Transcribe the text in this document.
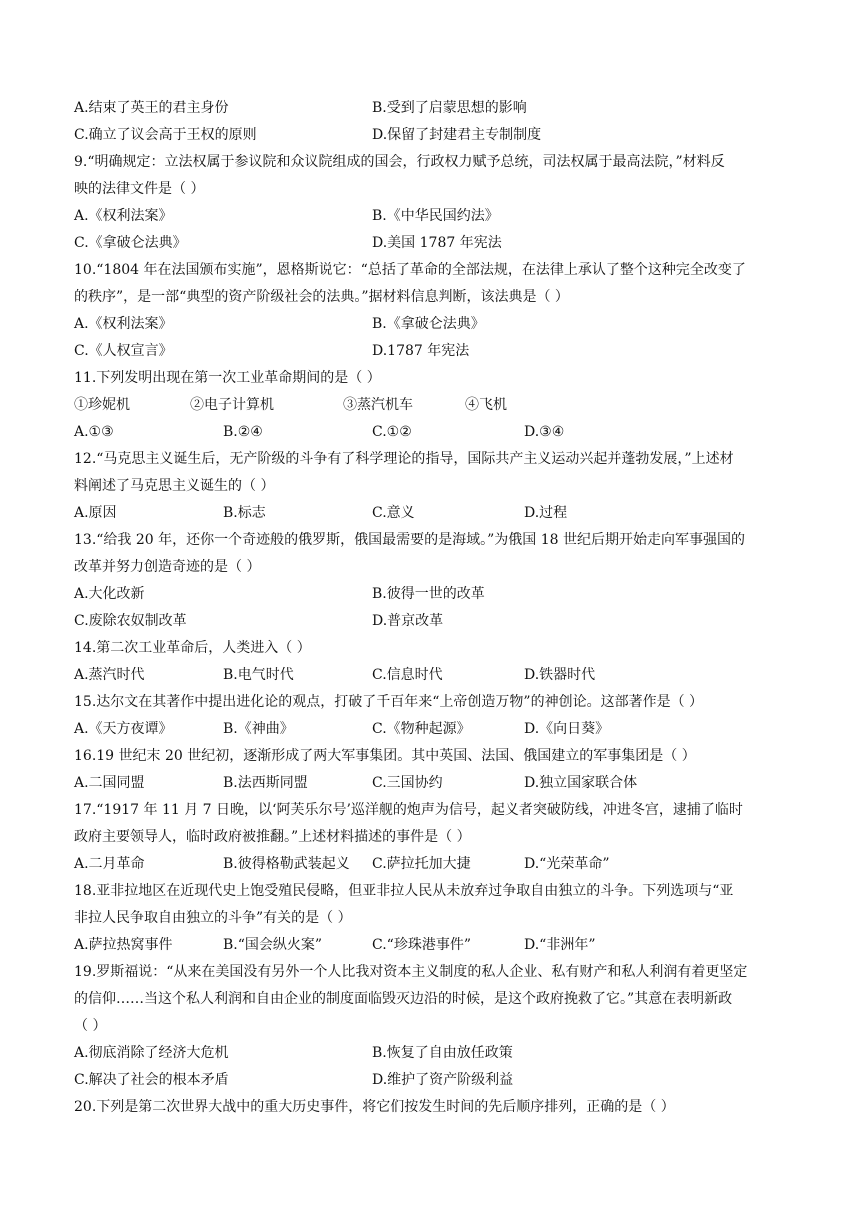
A.结束了英王的君主身份	B.受到了启蒙思想的影响
C.确立了议会高于王权的原则	D.保留了封建君主专制制度
9.“明确规定：立法权属于参议院和众议院组成的国会，行政权力赋予总统，司法权属于最高法院，”材料反
映的法律文件是（ ）
A.《权利法案》	B.《中华民国约法》
C.《拿破仑法典》	D.美国 1787 年宪法
10.“1804 年在法国颁布实施”，恩格斯说它：“总括了革命的全部法规，在法律上承认了整个这种完全改变了
的秩序”，是一部“典型的资产阶级社会的法典。”据材料信息判断，该法典是（ ）
A.《权利法案》	B.《拿破仑法典》
C.《人权宣言》	D.1787 年宪法
11.下列发明出现在第一次工业革命期间的是（ ）
①珍妮机	②电子计算机	③蒸汽机车	④飞机
A.①③	B.②④	C.①②	D.③④
12.“马克思主义诞生后，无产阶级的斗争有了科学理论的指导，国际共产主义运动兴起并蓬勃发展，”上述材
料阐述了马克思主义诞生的（ ）
A.原因	B.标志	C.意义	D.过程
13.“给我 20 年，还你一个奇迹般的俄罗斯，俄国最需要的是海域。”为俄国 18 世纪后期开始走向军事强国的
改革并努力创造奇迹的是（ ）
A.大化改新	B.彼得一世的改革
C.废除农奴制改革	D.普京改革
14.第二次工业革命后，人类进入（ ）
A.蒸汽时代	B.电气时代	C.信息时代	D.铁器时代
15.达尔文在其著作中提出进化论的观点，打破了千百年来“上帝创造万物”的神创论。这部著作是（ ）
A.《天方夜谭》	B.《神曲》	C.《物种起源》	D.《向日葵》
16.19 世纪末 20 世纪初，逐渐形成了两大军事集团。其中英国、法国、俄国建立的军事集团是（ ）
A.二国同盟	B.法西斯同盟	C.三国协约	D.独立国家联合体
17.“1917 年 11 月 7 日晚，以‘阿芙乐尔号’巡洋舰的炮声为信号，起义者突破防线，冲进冬宫，逮捕了临时
政府主要领导人，临时政府被推翻。”上述材料描述的事件是（ ）
A.二月革命	B.彼得格勒武装起义 C.萨拉托加大捷	D.“光荣革命”
18.亚非拉地区在近现代史上饱受殖民侵略，但亚非拉人民从未放弃过争取自由独立的斗争。下列选项与“亚
非拉人民争取自由独立的斗争”有关的是（ ）
A.萨拉热窝事件	B.“国会纵火案”	C.“珍珠港事件”	D.“非洲年”
19.罗斯福说：“从来在美国没有另外一个人比我对资本主义制度的私人企业、私有财产和私人利润有着更坚定
的信仰……当这个私人利润和自由企业的制度面临毁灭边沿的时候，是这个政府挽救了它。”其意在表明新政
（ ）
A.彻底消除了经济大危机	B.恢复了自由放任政策
C.解决了社会的根本矛盾	D.维护了资产阶级利益
20.下列是第二次世界大战中的重大历史事件，将它们按发生时间的先后顺序排列，正确的是（ ）
